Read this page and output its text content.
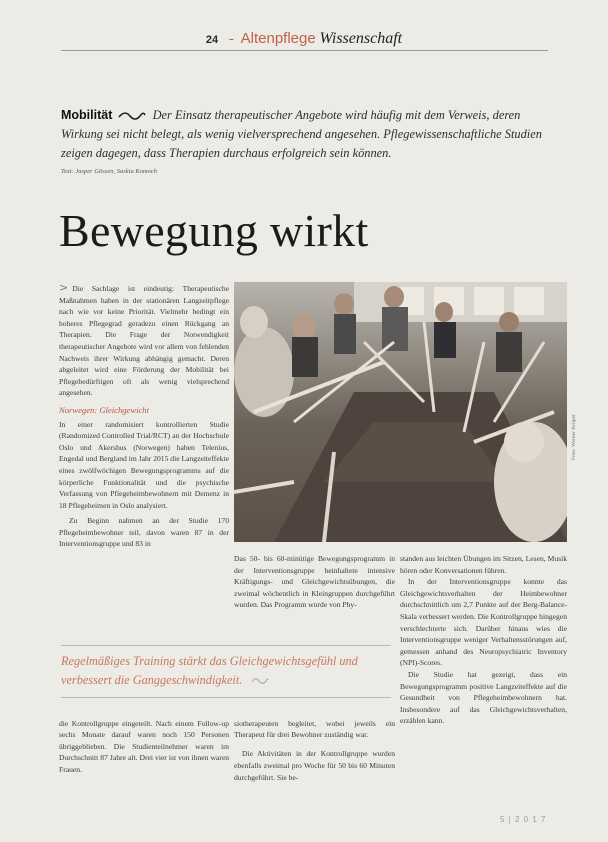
24 - Altenpflege Wissenschaft
Mobilität	Der Einsatz therapeutischer Angebote wird häufig mit dem Verweis, deren Wirkung sei nicht belegt, als wenig vielversprechend angesehen. Pflegewissenschaftliche Studien zeigen dagegen, dass Therapien durchaus erfolgreich sein können.
Text: Jasper Gössen, Saskia Komoch
Bewegung wirkt

> Die Sachlage ist eindeutig: Therapeutische Maßnahmen haben in der stationären Langzeitpflege nach wie vor keine Priorität. Vielmehr bedingt ein hoheres Pflegegrad geradezu einen Rückgang an Therapien. Die Frage der Notwendigkeit therapeutischer Angebote wird vor allem von fehlenden Nachweis ihrer Wirkung abhängig gemacht. Deren abgeleitet wird eine Förderung der Mobilität bei Pflegebedürftigen oft als wenig vielsprechend angesehen.

Norwegen: Gleichgewicht

In einer randomisiert kontrollierten Studie (Randomized Controlled Trial/RCT) an der Hochschule Oslo und Akershus (Norwegen) haben Telenius, Engedal und Bergland im Jahr 2015 die Langzeiteffekte eines zwölfwöchigen Bewegungsprogramms auf die körperliche Funktionalität und die psychische Verfassung von Pflegeheimbewohnern mit Demenz in 18 Pflegeheimen in Oslo analysiert.

Zu Beginn nahmen an der Studie 170 Pflegeheimbewohner teil, davon waren 87 in der Interventionsgruppe und 83 in

Foto: Werner Krüper

Das 50- bis 60-minütige Bewegungsprogramm in der Interventionsgruppe beinhaltete intensive Kräftigungs- und Gleichgewichtsübungen, die zweimal wöchentlich in Kleingruppen durchgeführt wurden. Das Programm wurde von Phy-

standen aus leichten Übungen im Sitzen, Lesen, Musik hören oder Konversationen führen.

In der Interventionsgruppe konnte das Gleichgewichtsverhalten der Heimbewohner durchschnittlich um 2,7 Punkte auf der Berg-Balance-Skala verbessert werden. Die Kontrollgruppe hingegen verschlechterte sich. Darüber hinaus wies die Interventionsgruppe weniger Verhaltensstörungen auf, gemessen anhand des Neuropsychiatric Inventory (NPI)-Scores.

Die Studie hat gezeigt, dass ein Bewegungsprogramm positive Langzeiteffekte auf die Gesundheit von Pflegeheimbewohnern hat. Insbesondere auf das Gleichgewichtsverhalten, erzählen kann.

Regelmäßiges Training stärkt das Gleichgewichtsgefühl und verbessert die Ganggeschwindigkeit.

die Kontrollgruppe eingeteilt. Nach einem Follow-up sechs Monate darauf waren noch 150 Personen übriggeblieben. Die Studienteilnehmer waren im Durchschnitt 87 Jahre alt. Drei vier ist von ihnen waren Frauen.

siotherapeuten begleitet, wobei jeweils ein Therapeut für drei Bewohner zuständig war.

Die Aktivitäten in der Kontrollgruppe wurden ebenfalls zweimal pro Woche für 50 bis 60 Minuten durchgeführt. Sie be-

5 | 2 0 1 7
